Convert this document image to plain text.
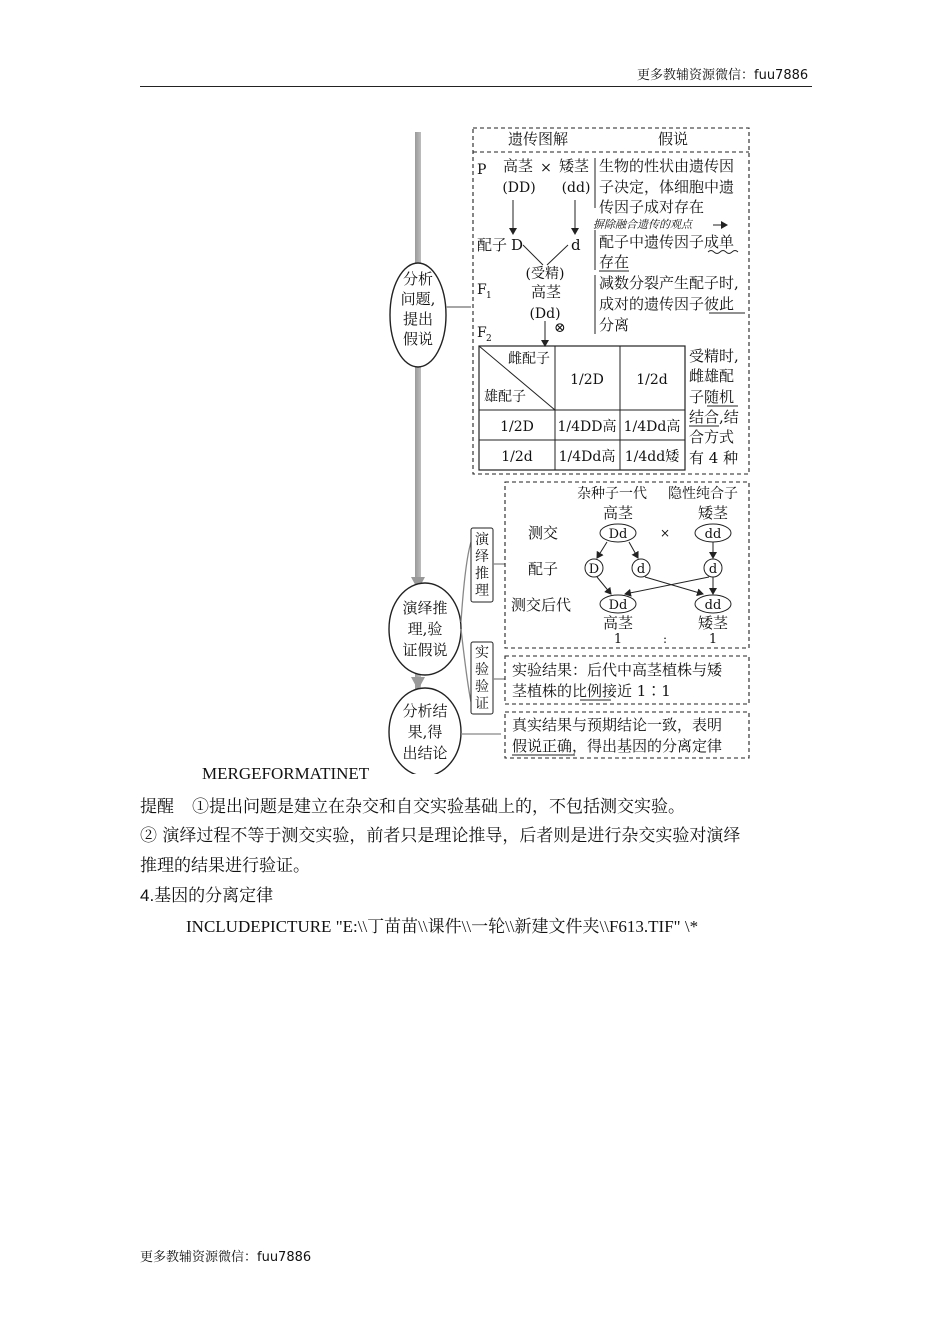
更多教辅资源微信：fuu7886
分析
问题,
提出
假说
演绎推
理,验
证假说
分析结
果,得
出结论
遗传图解	假说
P 高茎
(DD)
× 矮茎
(dd)
配子 D	d
(受精)
F 1	高茎
(Dd)
⊗
F 2
生物的性状由遗传因
子决定，体细胞中遗
传因子成对存在
摒除融合遗传的观点
配子中遗传因子成单
存在
减数分裂产生配子时,
成对的遗传因子彼此
分离
雌配子
雄配子
1/2D 1/2d
1/2D 1/4DD高 1/4Dd高
1/2d 1/4Dd高 1/4dd矮
受精时,
雌雄配
子随机
结合,结
合方式
有 4 种
演
绎
推
理
杂种子一代 隐性纯合子
高茎	矮茎
测交	Dd	×	dd
配子 D	d	d
测交后代	Dd	dd
高茎	矮茎
1	:	1
实
验
验
证
实验结果：后代中高茎植株与矮
茎植株的比例接近 1∶1
真实结果与预期结论一致，表明
假说正确，得出基因的分离定律
MERGEFORMATINET
提醒 ①提出问题是建立在杂交和自交实验基础上的，不包括测交实验。
② 演绎过程不等于测交实验，前者只是理论推导，后者则是进行杂交实验对演绎
推理的结果进行验证。
4.基因的分离定律
INCLUDEPICTURE "E:\\丁苗苗\\课件\\一轮\\新建文件夹\\F613.TIF" \*
更多教辅资源微信：fuu7886
